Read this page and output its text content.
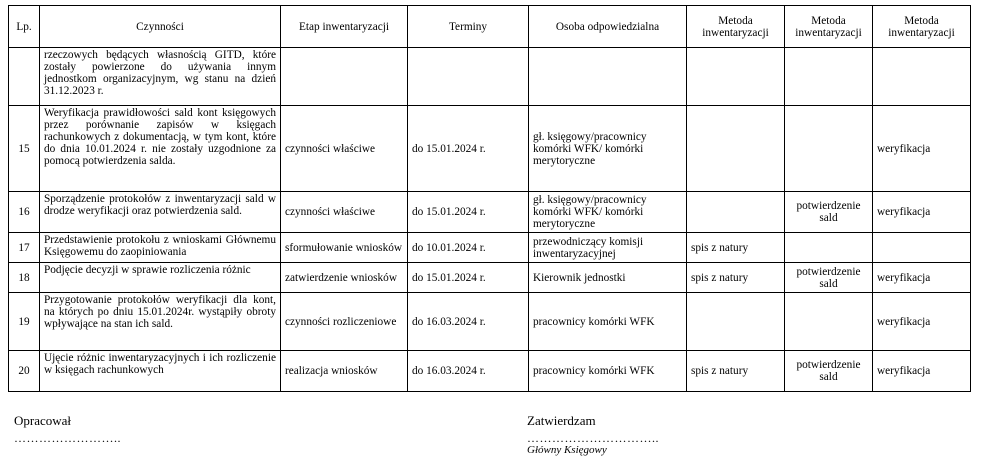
Lp.	Czynności	Etap inwentaryzacji	Terminy	Osoba odpowiedzialna	Metoda inwentaryzacji	Metoda inwentaryzacji	Metoda inwentaryzacji
	rzeczowych będących własnością GITD, które zostały powierzone do używania innym jednostkom organizacyjnym, wg stanu na dzień 31.12.2023 r.						
15	Weryfikacja prawidłowości sald kont księgowych przez porównanie zapisów w księgach rachunkowych z dokumentacją, w tym kont, które do dnia 10.01.2024 r. nie zostały uzgodnione za pomocą potwierdzenia salda.	czynności właściwe	do 15.01.2024 r.	gł. księgowy/pracownicy komórki WFK/ komórki merytoryczne			weryfikacja
16	Sporządzenie protokołów z inwentaryzacji sald w drodze weryfikacji oraz potwierdzenia sald.	czynności właściwe	do 15.01.2024 r.	gł. księgowy/pracownicy komórki WFK/ komórki merytoryczne		potwierdzenie sald	weryfikacja
17	Przedstawienie protokołu z wnioskami Głównemu Księgowemu do zaopiniowania	sformułowanie wniosków	do 10.01.2024 r.	przewodniczący komisji inwentaryzacyjnej	spis z natury		
18	Podjęcie decyzji w sprawie rozliczenia różnic	zatwierdzenie wniosków	do 15.01.2024 r.	Kierownik jednostki	spis z natury	potwierdzenie sald	weryfikacja
19	Przygotowanie protokołów weryfikacji dla kont, na których po dniu 15.01.2024r. wystąpiły obroty wpływające na stan ich sald.	czynności rozliczeniowe	do 16.03.2024 r.	pracownicy komórki WFK			weryfikacja
20	Ujęcie różnic inwentaryzacyjnych i ich rozliczenie w księgach rachunkowych	realizacja wniosków	do 16.03.2024 r.	pracownicy komórki WFK	spis z natury	potwierdzenie sald	weryfikacja
Opracował
……………………..
Zatwierdzam
…………………………..
Główny Księgowy
